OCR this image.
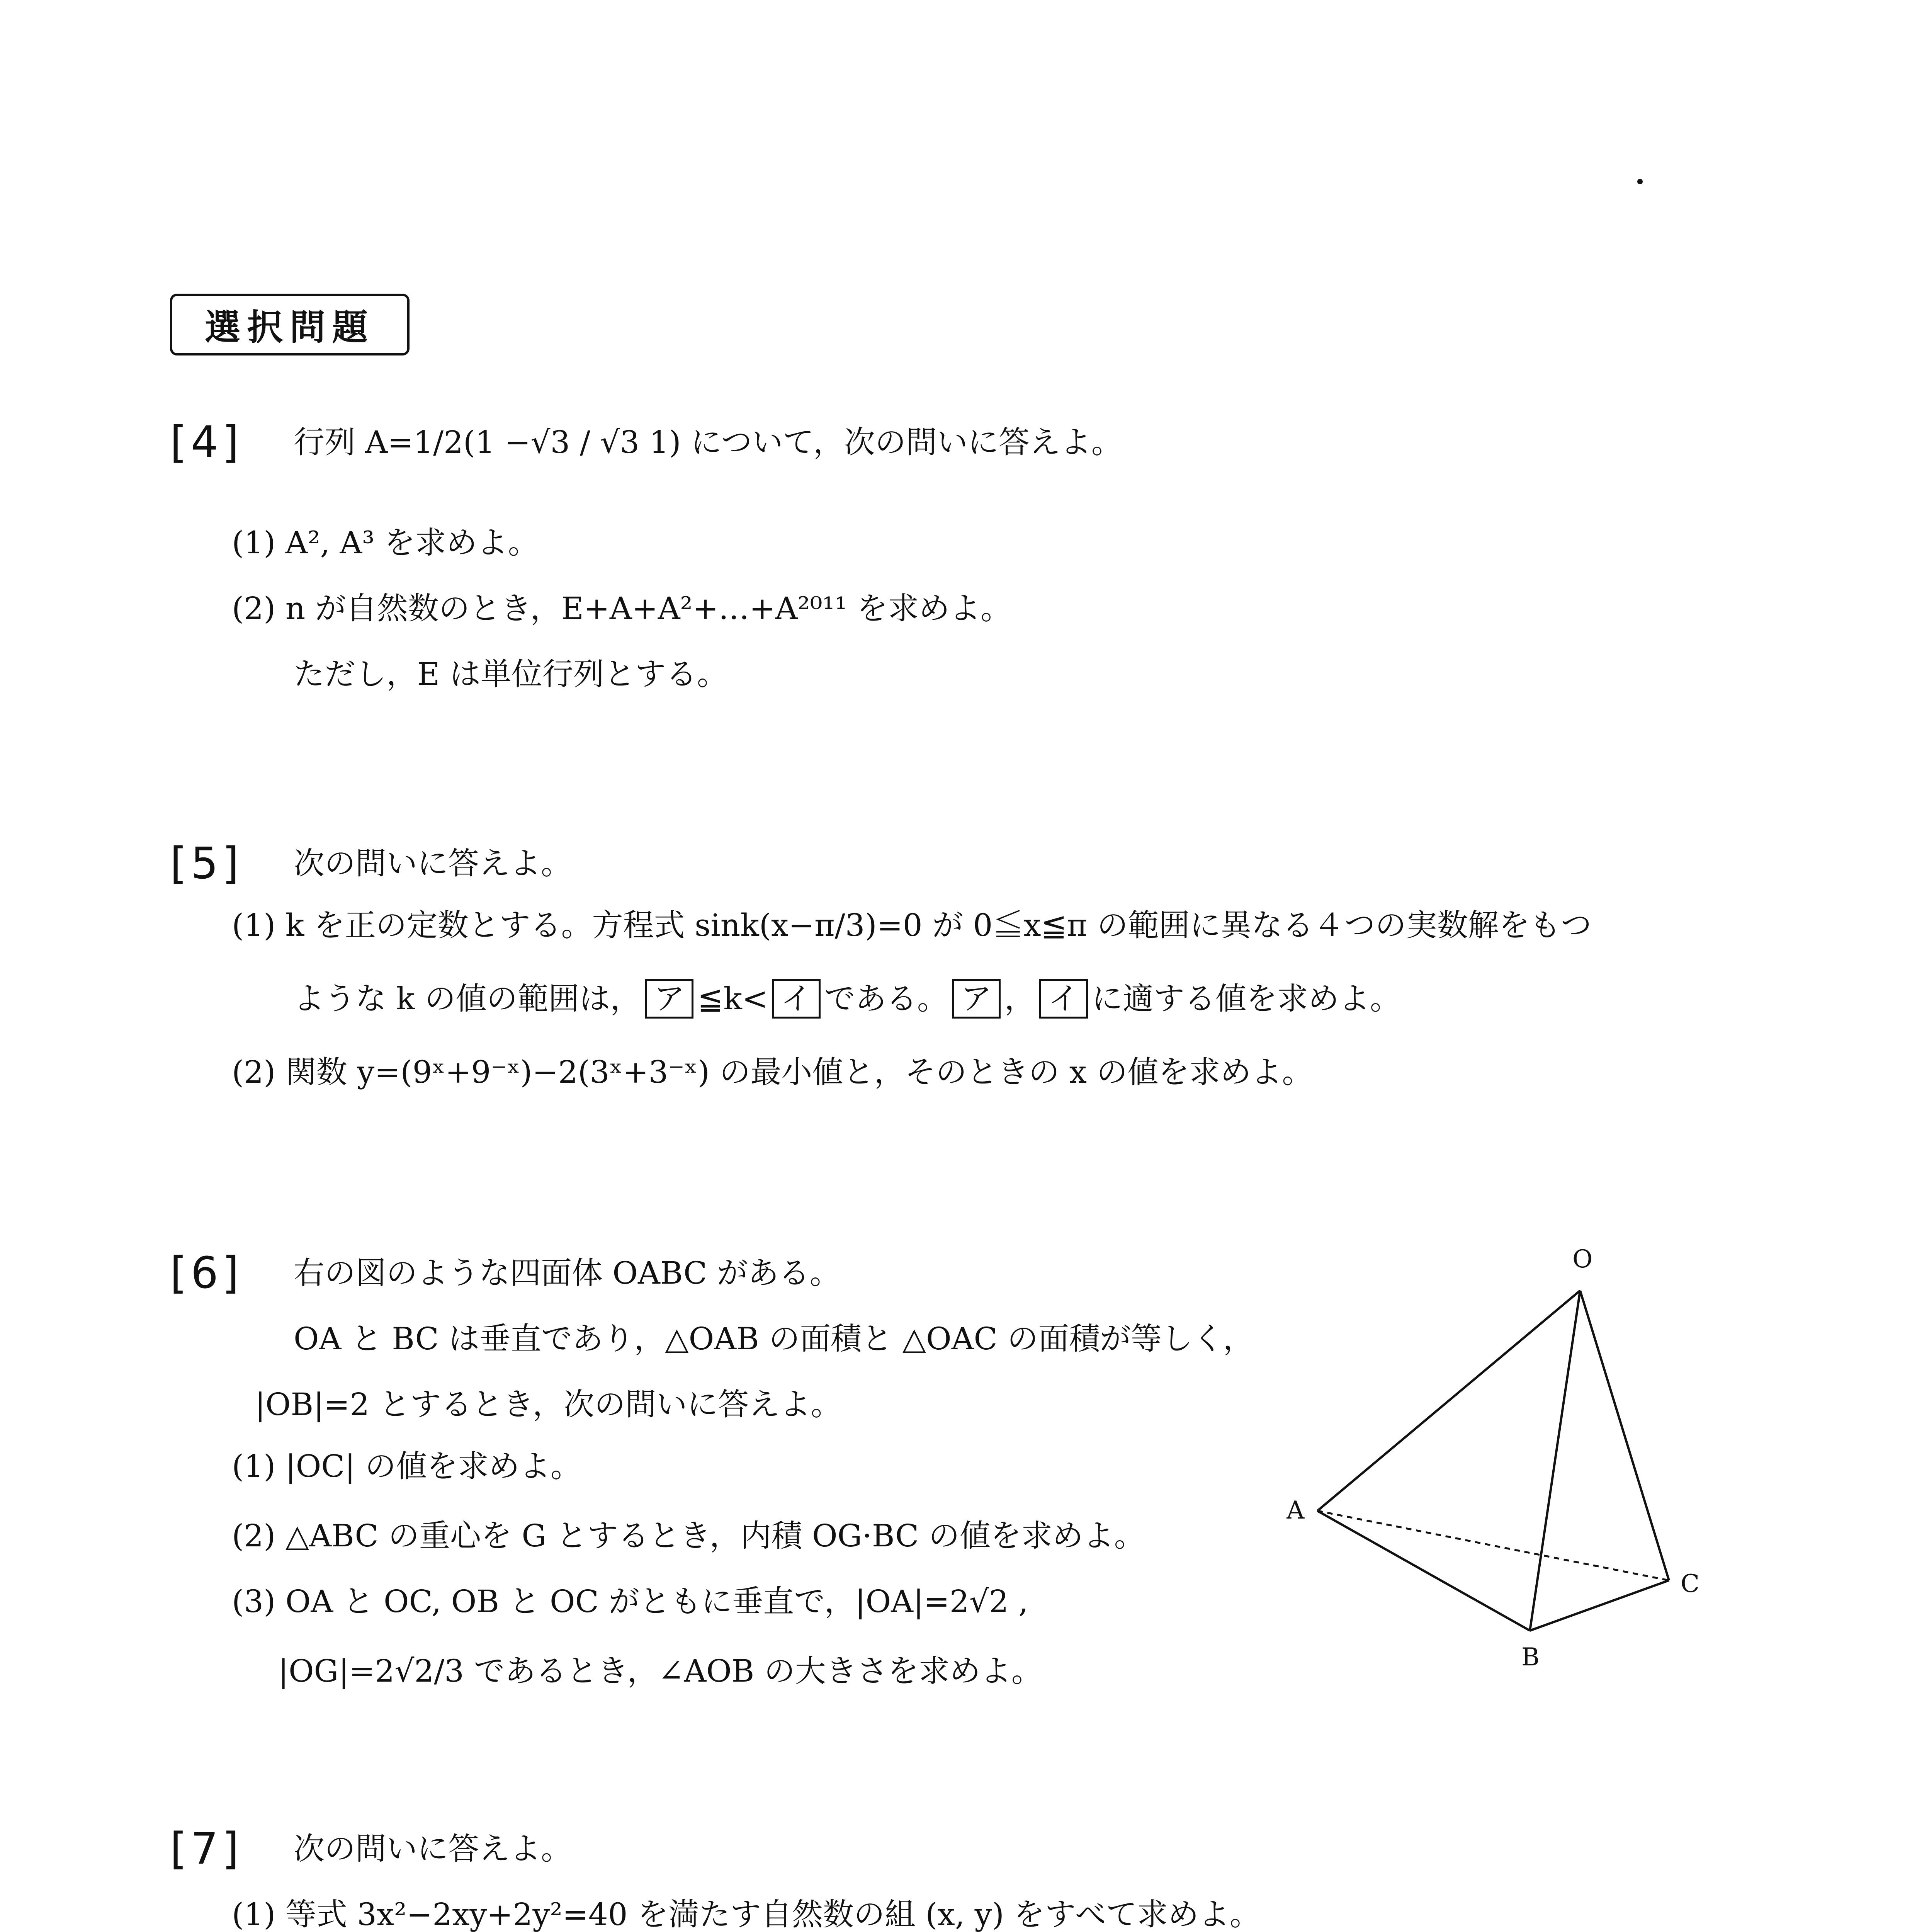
選択問題
[4] 行列 A=1/2(1 −√3 / √3 1) について，次の問いに答えよ。
(1) A², A³ を求めよ。
(2) n が自然数のとき，E+A+A²+…+A²⁰¹¹ を求めよ。
ただし，E は単位行列とする。
[5] 次の問いに答えよ。
(1) k を正の定数とする。方程式 sink(x−π/3)=0 が 0≦x≦π の範囲に異なる４つの実数解をもつ
ような k の値の範囲は， ア ≦k< イ である。 ア ， イ に適する値を求めよ。
(2) 関数 y=(9ˣ+9⁻ˣ)−2(3ˣ+3⁻ˣ) の最小値と，そのときの x の値を求めよ。
[6] 右の図のような四面体 OABC がある。
OA と BC は垂直であり，△OAB の面積と △OAC の面積が等しく，
|OB|=2 とするとき，次の問いに答えよ。
(1) |OC| の値を求めよ。
(2) △ABC の重心を G とするとき，内積 OG·BC の値を求めよ。
(3) OA と OC, OB と OC がともに垂直で，|OA|=2√2 ,
|OG|=2√2/3 であるとき，∠AOB の大きさを求めよ。
O
A
B
C
[7] 次の問いに答えよ。
(1) 等式 3x²−2xy+2y²=40 を満たす自然数の組 (x, y) をすべて求めよ。
